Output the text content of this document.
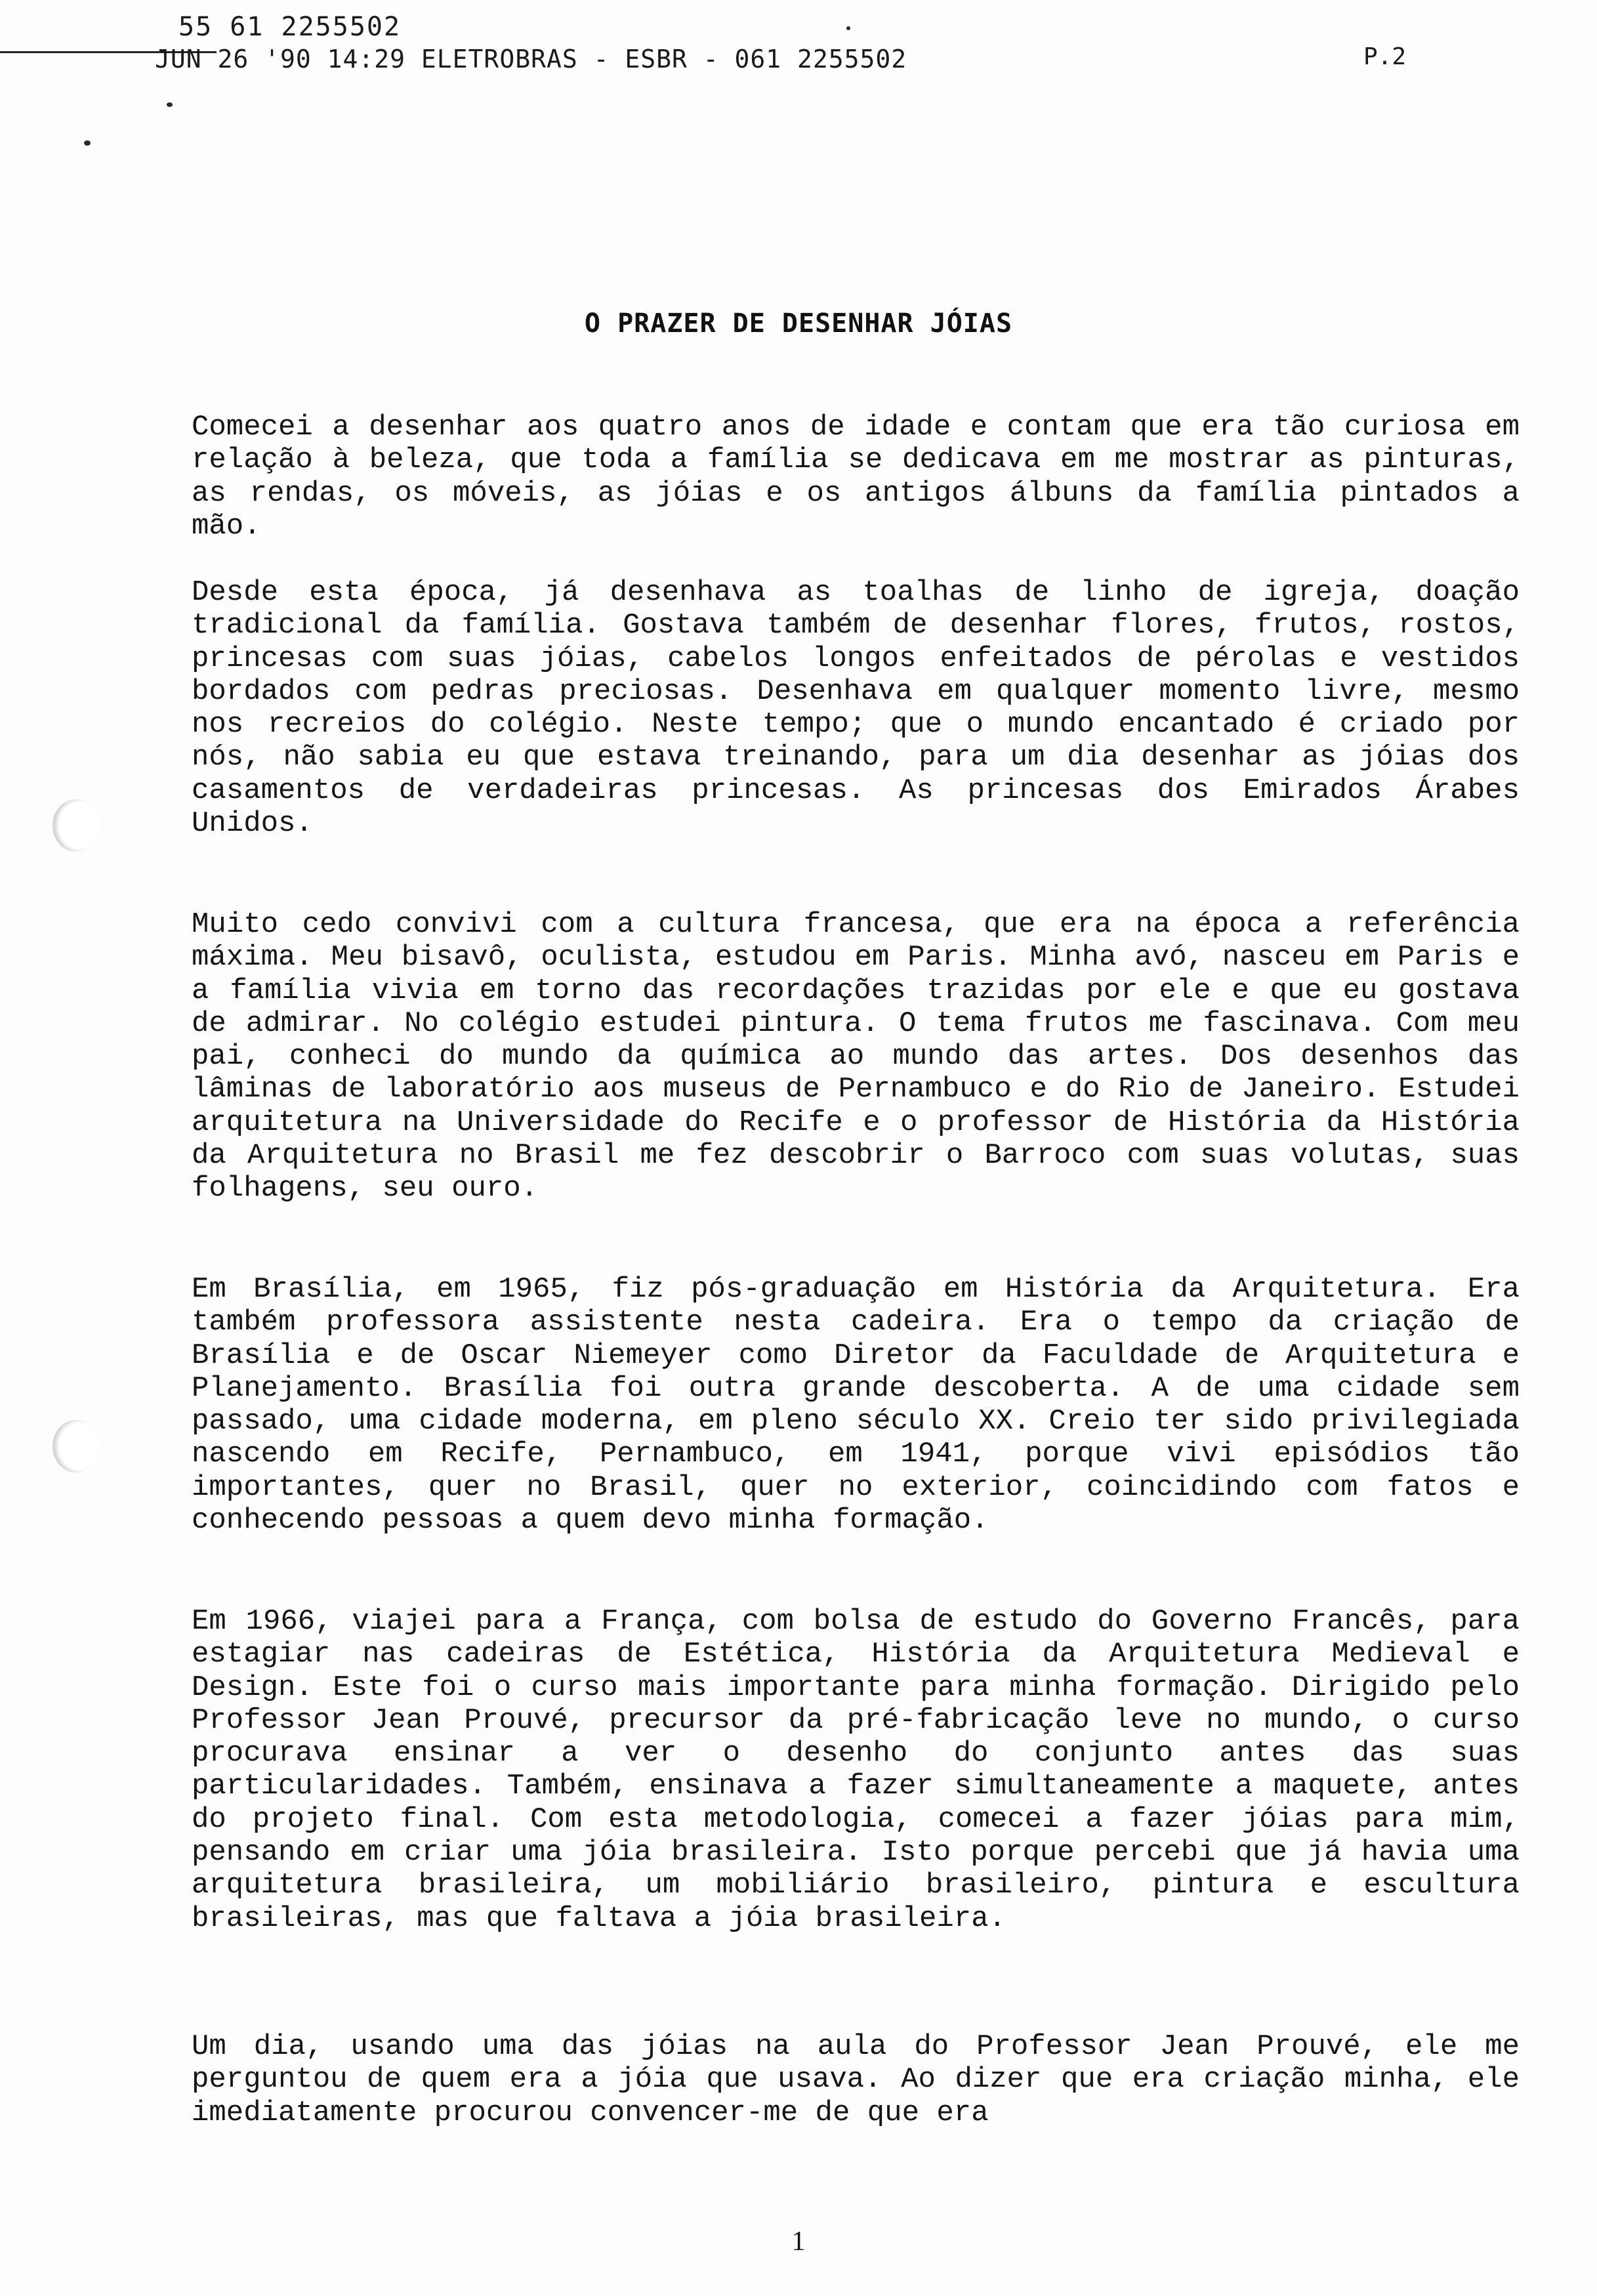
55 61 2255502
JUN 26 '90 14:29 ELETROBRAS - ESBR - 061 2255502	P.2
O PRAZER DE DESENHAR JÓIAS

Comecei a desenhar aos quatro anos de idade e contam que era tão curiosa em relação à beleza, que toda a família se dedicava em me mostrar as pinturas, as rendas, os móveis, as jóias e os antigos álbuns da família pintados a mão.

Desde esta época, já desenhava as toalhas de linho de igreja, doação tradicional da família. Gostava também de desenhar flores, frutos, rostos, princesas com suas jóias, cabelos longos enfeitados de pérolas e vestidos bordados com pedras preciosas. Desenhava em qualquer momento livre, mesmo nos recreios do colégio. Neste tempo; que o mundo encantado é criado por nós, não sabia eu que estava treinando, para um dia desenhar as jóias dos casamentos de verdadeiras princesas. As princesas dos Emirados Árabes Unidos.

Muito cedo convivi com a cultura francesa, que era na época a referência máxima. Meu bisavô, oculista, estudou em Paris. Minha avó, nasceu em Paris e a família vivia em torno das recordações trazidas por ele e que eu gostava de admirar. No colégio estudei pintura. O tema frutos me fascinava. Com meu pai, conheci do mundo da química ao mundo das artes. Dos desenhos das lâminas de laboratório aos museus de Pernambuco e do Rio de Janeiro. Estudei arquitetura na Universidade do Recife e o professor de História da História da Arquitetura no Brasil me fez descobrir o Barroco com suas volutas, suas folhagens, seu ouro.

Em Brasília, em 1965, fiz pós-graduação em História da Arquitetura. Era também professora assistente nesta cadeira. Era o tempo da criação de Brasília e de Oscar Niemeyer como Diretor da Faculdade de Arquitetura e Planejamento. Brasília foi outra grande descoberta. A de uma cidade sem passado, uma cidade moderna, em pleno século XX. Creio ter sido privilegiada nascendo em Recife, Pernambuco, em 1941, porque vivi episódios tão importantes, quer no Brasil, quer no exterior, coincidindo com fatos e conhecendo pessoas a quem devo minha formação.

Em 1966, viajei para a França, com bolsa de estudo do Governo Francês, para estagiar nas cadeiras de Estética, História da Arquitetura Medieval e Design. Este foi o curso mais importante para minha formação. Dirigido pelo Professor Jean Prouvé, precursor da pré-fabricação leve no mundo, o curso procurava ensinar a ver o desenho do conjunto antes das suas particularidades. Também, ensinava a fazer simultaneamente a maquete, antes do projeto final. Com esta metodologia, comecei a fazer jóias para mim, pensando em criar uma jóia brasileira. Isto porque percebi que já havia uma arquitetura brasileira, um mobiliário brasileiro, pintura e escultura brasileiras, mas que faltava a jóia brasileira.

Um dia, usando uma das jóias na aula do Professor Jean Prouvé, ele me perguntou de quem era a jóia que usava. Ao dizer que era criação minha, ele imediatamente procurou convencer-me de que era

1
